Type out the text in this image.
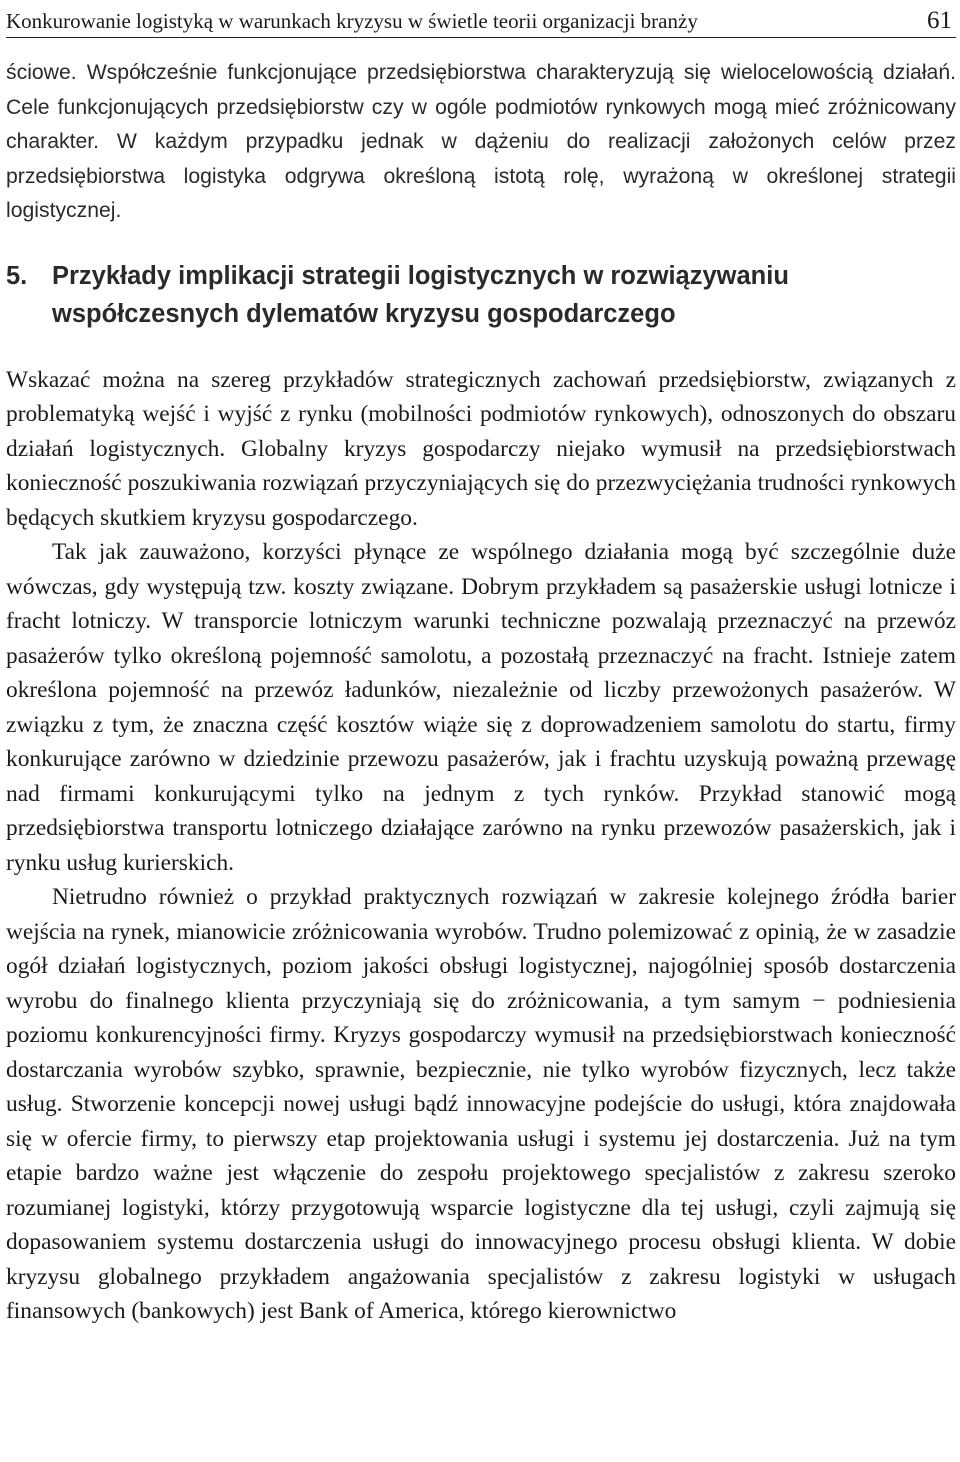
Konkurowanie logistyką w warunkach kryzysu w świetle teorii organizacji branży	61

ściowe. Współcześnie funkcjonujące przedsiębiorstwa charakteryzują się wielocelowością działań. Cele funkcjonujących przedsiębiorstw czy w ogóle podmiotów rynkowych mogą mieć zróżnicowany charakter. W każdym przypadku jednak w dążeniu do realizacji założonych celów przez przedsiębiorstwa logistyka odgrywa określoną istotą rolę, wyrażoną w określonej strategii logistycznej.

5. Przykłady implikacji strategii logistycznych w rozwiązywaniu współczesnych dylematów kryzysu gospodarczego

Wskazać można na szereg przykładów strategicznych zachowań przedsiębiorstw, związanych z problematyką wejść i wyjść z rynku (mobilności podmiotów rynkowych), odnoszonych do obszaru działań logistycznych. Globalny kryzys gospodarczy niejako wymusił na przedsiębiorstwach konieczność poszukiwania rozwiązań przyczyniających się do przezwyciężania trudności rynkowych będących skutkiem kryzysu gospodarczego.

Tak jak zauważono, korzyści płynące ze wspólnego działania mogą być szczególnie duże wówczas, gdy występują tzw. koszty związane. Dobrym przykładem są pasażerskie usługi lotnicze i fracht lotniczy. W transporcie lotniczym warunki techniczne pozwalają przeznaczyć na przewóz pasażerów tylko określoną pojemność samolotu, a pozostałą przeznaczyć na fracht. Istnieje zatem określona pojemność na przewóz ładunków, niezależnie od liczby przewożonych pasażerów. W związku z tym, że znaczna część kosztów wiąże się z doprowadzeniem samolotu do startu, firmy konkurujące zarówno w dziedzinie przewozu pasażerów, jak i frachtu uzyskują poważną przewagę nad firmami konkurującymi tylko na jednym z tych rynków. Przykład stanowić mogą przedsiębiorstwa transportu lotniczego działające zarówno na rynku przewozów pasażerskich, jak i rynku usług kurierskich.

Nietrudno również o przykład praktycznych rozwiązań w zakresie kolejnego źródła barier wejścia na rynek, mianowicie zróżnicowania wyrobów. Trudno polemizować z opinią, że w zasadzie ogół działań logistycznych, poziom jakości obsługi logistycznej, najogólniej sposób dostarczenia wyrobu do finalnego klienta przyczyniają się do zróżnicowania, a tym samym − podniesienia poziomu konkurencyjności firmy. Kryzys gospodarczy wymusił na przedsiębiorstwach konieczność dostarczania wyrobów szybko, sprawnie, bezpiecznie, nie tylko wyrobów fizycznych, lecz także usług. Stworzenie koncepcji nowej usługi bądź innowacyjne podejście do usługi, która znajdowała się w ofercie firmy, to pierwszy etap projektowania usługi i systemu jej dostarczenia. Już na tym etapie bardzo ważne jest włączenie do zespołu projektowego specjalistów z zakresu szeroko rozumianej logistyki, którzy przygotowują wsparcie logistyczne dla tej usługi, czyli zajmują się dopasowaniem systemu dostarczenia usługi do innowacyjnego procesu obsługi klienta. W dobie kryzysu globalnego przykładem angażowania specjalistów z zakresu logistyki w usługach finansowych (bankowych) jest Bank of America, którego kierownictwo
